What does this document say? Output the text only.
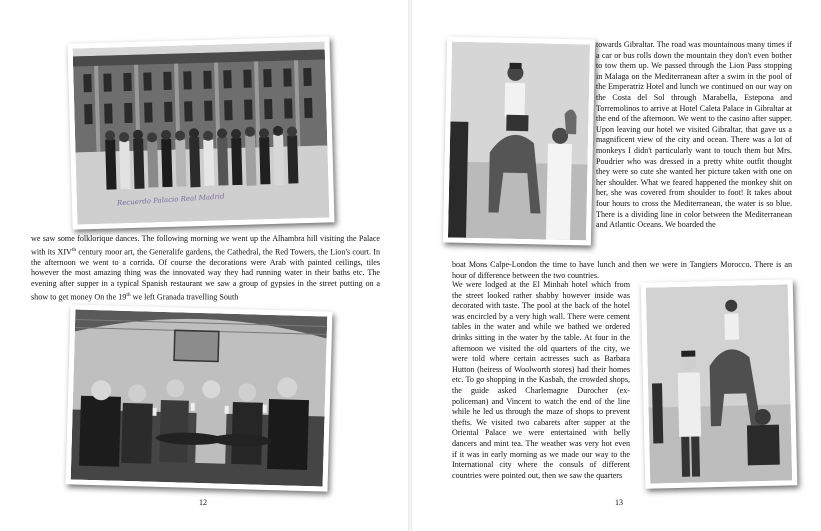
Recuerdo Palacio Real Madrid

we saw some folklorique dances. The following morning we went up the Alhambra hill visiting the Palace with its XIVth century moor art, the Generalife gardens, the Cathedral, the Red Towers, the Lion's court. In the afternoon we went to a corrida. Of course the decorations were Arab with painted ceilings, tiles however the most amazing thing was the innovated way they had running water in their baths etc. The evening after supper in a typical Spanish restaurant we saw a group of gypsies in the street putting on a show to get money On the 19th we left Granada travelling South

12
towards Gibraltar. The road was mountainous many times if a car or bus rolls down the mountain they don't even bother to tow them up. We passed through the Lion Pass stopping in Malaga on the Mediterranean after a swim in the pool of the Emperatriz Hotel and lunch we continued on our way on the Costa del Sol through Marabella, Estepona and Torremolinos to arrive at Hotel Caleta Palace in Gibraltar at the end of the afternoon. We went to the casino after supper. Upon leaving our hotel we visited Gibraltar, that gave us a magnificent view of the city and ocean. There was a lot of monkeys I didn't particularly want to touch them but Mrs. Poudrier who was dressed in a pretty white outfit thought they were so cute she wanted her picture taken with one on her shoulder. What we feared happened the monkey shit on her, she was covered from shoulder to foot! It takes about four hours to cross the Mediterranean, the water is so blue. There is a dividing line in color between the Mediterranean and Atlantic Oceans. We boarded the
boat Mons Calpe-London the time to have lunch and then we were in Tangiers Morocco. There is an hour of difference between the two countries.
We were lodged at the El Minhah hotel which from the street looked rather shabby however inside was decorated with taste. The pool at the back of the hotel was encircled by a very high wall. There were cement tables in the water and while we bathed we ordered drinks sitting in the water by the table. At four in the afternoon we visited the old quarters of the city, we were told where certain actresses such as Barbara Hutton (heiress of Woolworth stores) had their homes etc. To go shopping in the Kasbah, the crowded shops, the guide asked Charlemagne Durocher (ex-policeman) and Vincent to watch the end of the line while he led us through the maze of shops to prevent thefts. We visited two cabarets after supper at the Oriental Palace we were entertained with belly dancers and mint tea. The weather was very hot even if it was in early morning as we made our way to the International city where the consuls of different countries were pointed out, then we saw the quarters
13
